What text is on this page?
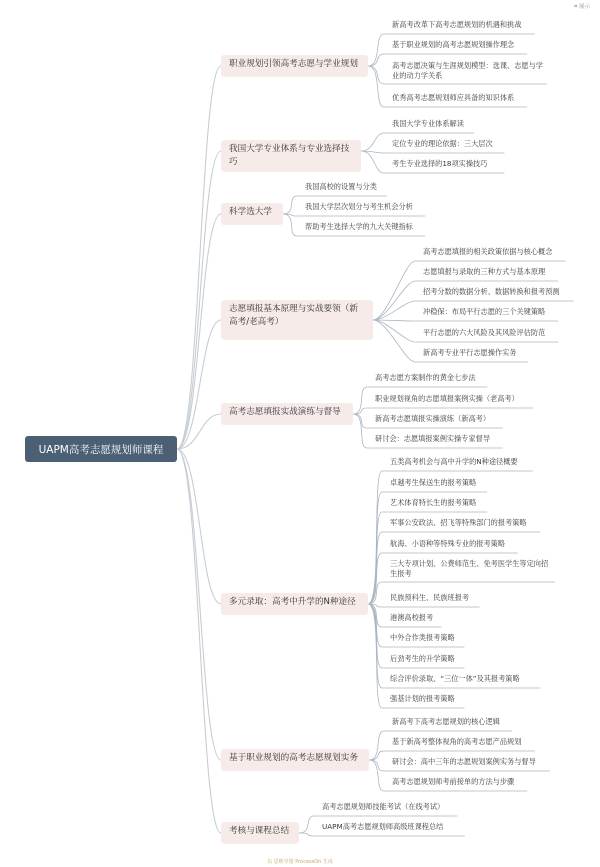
⌗ 展示
UAPM高考志愿规划师课程
职业规划引领高考志愿与学业规划
新高考改革下高考志愿规划的机遇和挑战
基于职业规划的高考志愿规划操作理念
高考志愿决策与生涯规划模型：选课、志愿与学业的动力学关系
优秀高考志愿规划师应具备的知识体系
我国大学专业体系与专业选择技巧
我国大学专业体系解读
定位专业的理论依据：三大层次
考生专业选择的18项实操技巧
科学选大学
我国高校的设置与分类
我国大学层次划分与考生机会分析
帮助考生选择大学的九大关键指标
志愿填报基本原理与实战要领（新高考/老高考）
高考志愿填报的相关政策依据与核心概念
志愿填报与录取的三种方式与基本原理
招考分数的数据分析、数据转换和报考预测
冲稳保：布局平行志愿的三个关键策略
平行志愿的六大风险及其风险评估防范
新高考专业平行志愿操作实务
高考志愿填报实战演练与督导
高考志愿方案制作的黄金七步法
职业规划视角的志愿填报案例实操（老高考）
新高考志愿填报实操演练（新高考）
研讨会：志愿填报案例实操专家督导
多元录取：高考中升学的N种途径
五类高考机会与高中升学的N种途径概要
卓越考生保送生的报考策略
艺术体育特长生的报考策略
军事公安政法、招飞等特殊部门的报考策略
航海、小语种等特殊专业的报考策略
三大专项计划、公费师范生、免考医学生等定向招生报考
民族预科生、民族班报考
港澳高校报考
中外合作类报考策略
后劲考生的升学策略
综合评价录取、“三位一体”及其报考策略
强基计划的报考策略
基于职业规划的高考志愿规划实务
新高考下高考志愿规划的核心逻辑
基于新高考整体视角的高考志愿产品规划
研讨会：高中三年的志愿规划案例实务与督导
高考志愿规划师考前接单的方法与步骤
考核与课程总结
高考志愿规划师技能考试（在线考试）
UAPM高考志愿规划师高级班课程总结
以 思维导图 ProcessOn 生成
